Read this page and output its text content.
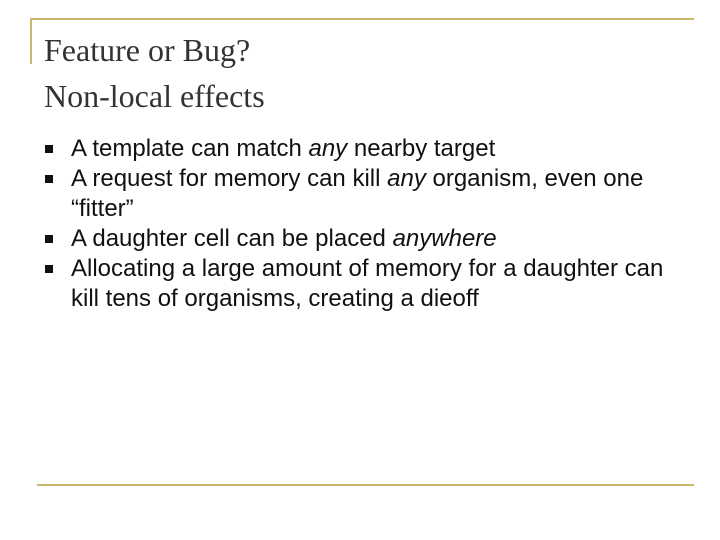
Feature or Bug?
Non-local effects
A template can match any nearby target
A request for memory can kill any organism, even one “fitter”
A daughter cell can be placed anywhere
Allocating a large amount of memory for a daughter can kill tens of organisms, creating a dieoff
